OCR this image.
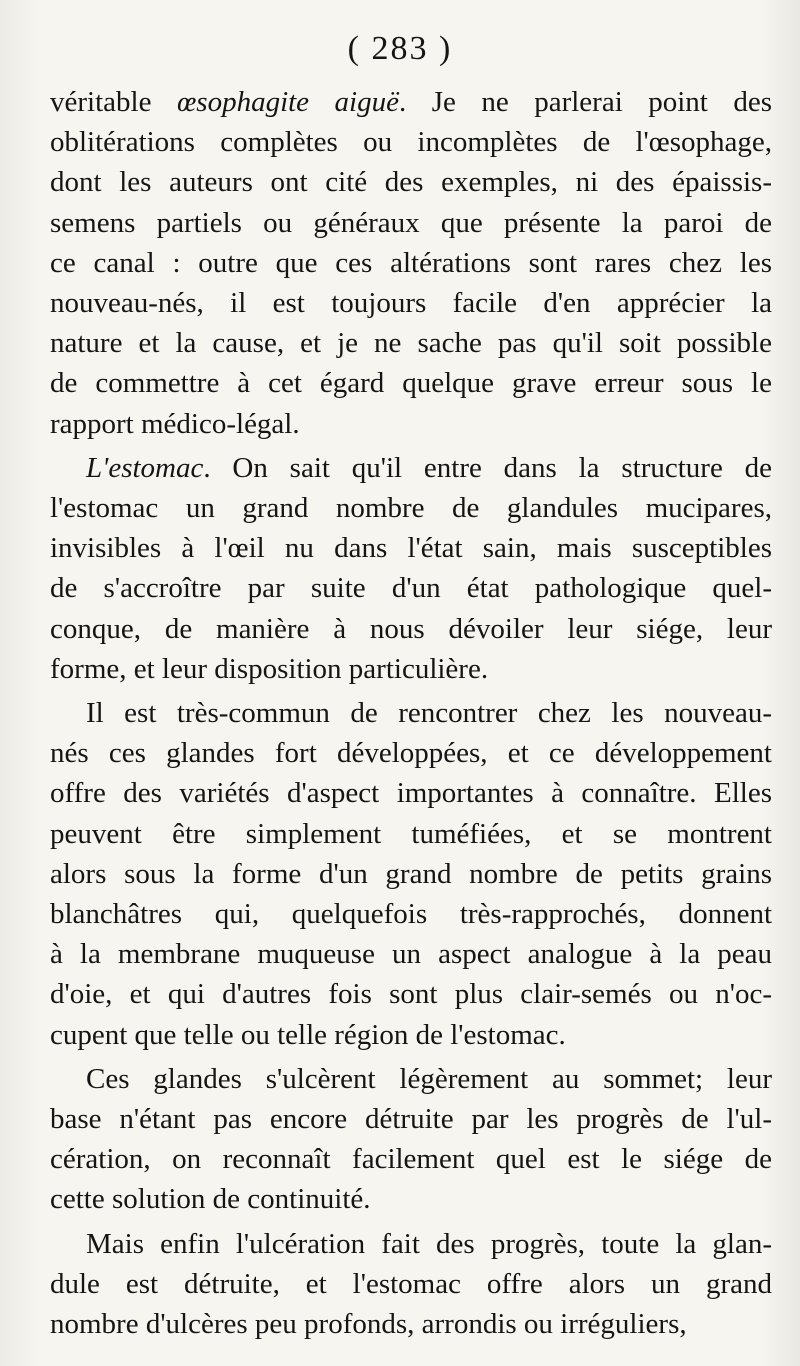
( 283 )
véritable œsophagite aiguë. Je ne parlerai point des
oblitérations complètes ou incomplètes de l'œsophage,
dont les auteurs ont cité des exemples, ni des épaissis-
semens partiels ou généraux que présente la paroi de
ce canal : outre que ces altérations sont rares chez les
nouveau-nés, il est toujours facile d'en apprécier la
nature et la cause, et je ne sache pas qu'il soit possible
de commettre à cet égard quelque grave erreur sous le
rapport médico-légal.
L'estomac. On sait qu'il entre dans la structure de
l'estomac un grand nombre de glandules mucipares,
invisibles à l'œil nu dans l'état sain, mais susceptibles
de s'accroître par suite d'un état pathologique quel-
conque, de manière à nous dévoiler leur siége, leur
forme, et leur disposition particulière.
Il est très-commun de rencontrer chez les nouveau-
nés ces glandes fort développées, et ce développement
offre des variétés d'aspect importantes à connaître. Elles
peuvent être simplement tuméfiées, et se montrent
alors sous la forme d'un grand nombre de petits grains
blanchâtres qui, quelquefois très-rapprochés, donnent
à la membrane muqueuse un aspect analogue à la peau
d'oie, et qui d'autres fois sont plus clair-semés ou n'oc-
cupent que telle ou telle région de l'estomac.
Ces glandes s'ulcèrent légèrement au sommet; leur
base n'étant pas encore détruite par les progrès de l'ul-
cération, on reconnaît facilement quel est le siége de
cette solution de continuité.
Mais enfin l'ulcération fait des progrès, toute la glan-
dule est détruite, et l'estomac offre alors un grand
nombre d'ulcères peu profonds, arrondis ou irréguliers,
